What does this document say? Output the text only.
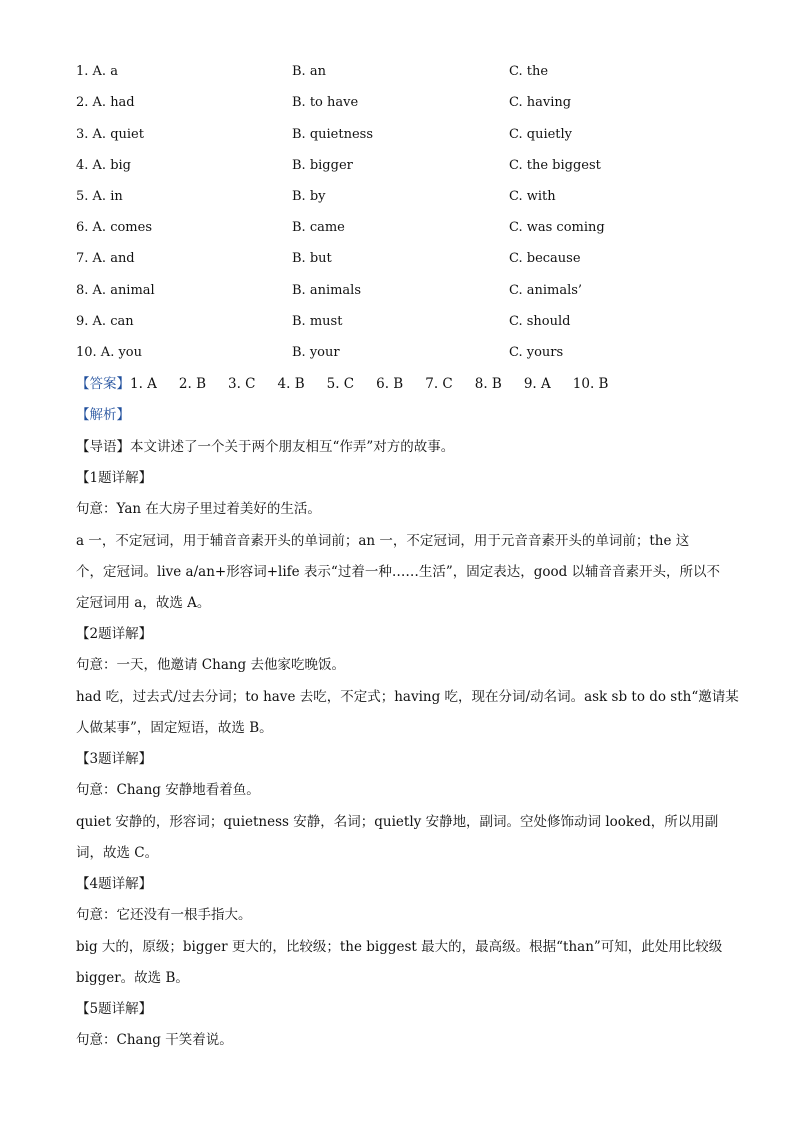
1. A. a	B. an	C. the
2. A. had	B. to have	C. having
3. A. quiet	B. quietness	C. quietly
4. A. big	B. bigger	C. the biggest
5. A. in	B. by	C. with
6. A. comes	B. came	C. was coming
7. A. and	B. but	C. because
8. A. animal	B. animals	C. animals’
9. A. can	B. must	C. should
10. A. you	B. your	C. yours
【答案】1. A 2. B 3. C 4. B 5. C 6. B 7. C 8. B 9. A 10. B
【解析】
【导语】本文讲述了一个关于两个朋友相互“作弄”对方的故事。
【1题详解】
句意：Yan 在大房子里过着美好的生活。
a 一，不定冠词，用于辅音音素开头的单词前；an 一，不定冠词，用于元音音素开头的单词前；the 这
个，定冠词。live a/an+形容词+life 表示“过着一种……生活”，固定表达，good 以辅音音素开头，所以不
定冠词用 a，故选 A。
【2题详解】
句意：一天，他邀请 Chang 去他家吃晚饭。
had 吃，过去式/过去分词；to have 去吃，不定式；having 吃，现在分词/动名词。ask sb to do sth“邀请某
人做某事”，固定短语，故选 B。
【3题详解】
句意：Chang 安静地看着鱼。
quiet 安静的，形容词；quietness 安静，名词；quietly 安静地，副词。空处修饰动词 looked，所以用副
词，故选 C。
【4题详解】
句意：它还没有一根手指大。
big 大的，原级；bigger 更大的，比较级；the biggest 最大的，最高级。根据“than”可知，此处用比较级
bigger。故选 B。
【5题详解】
句意：Chang 干笑着说。
